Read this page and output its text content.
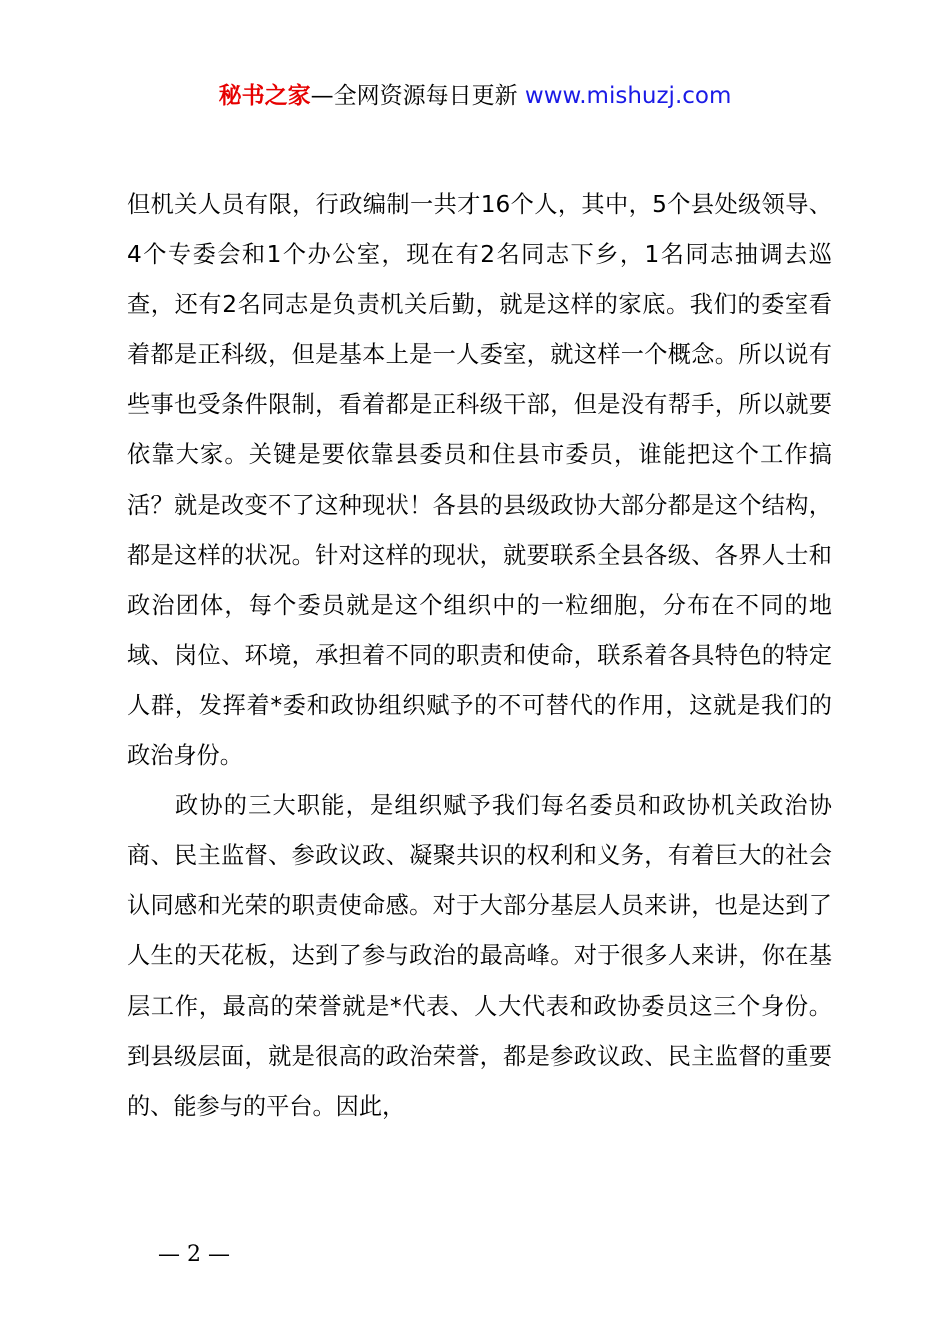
秘书之家—全网资源每日更新 www.mishuzj.com

但机关人员有限，行政编制一共才16个人，其中，5个县处级领导、4个专委会和1个办公室，现在有2名同志下乡，1名同志抽调去巡查，还有2名同志是负责机关后勤，就是这样的家底。我们的委室看着都是正科级，但是基本上是一人委室，就这样一个概念。所以说有些事也受条件限制，看着都是正科级干部，但是没有帮手，所以就要依靠大家。关键是要依靠县委员和住县市委员，谁能把这个工作搞活？就是改变不了这种现状！各县的县级政协大部分都是这个结构，都是这样的状况。针对这样的现状，就要联系全县各级、各界人士和政治团体，每个委员就是这个组织中的一粒细胞，分布在不同的地域、岗位、环境，承担着不同的职责和使命，联系着各具特色的特定人群，发挥着*委和政协组织赋予的不可替代的作用，这就是我们的政治身份。

政协的三大职能，是组织赋予我们每名委员和政协机关政治协商、民主监督、参政议政、凝聚共识的权利和义务，有着巨大的社会认同感和光荣的职责使命感。对于大部分基层人员来讲，也是达到了人生的天花板，达到了参与政治的最高峰。对于很多人来讲，你在基层工作，最高的荣誉就是*代表、人大代表和政协委员这三个身份。到县级层面，就是很高的政治荣誉，都是参政议政、民主监督的重要的、能参与的平台。因此，

— 2 —
